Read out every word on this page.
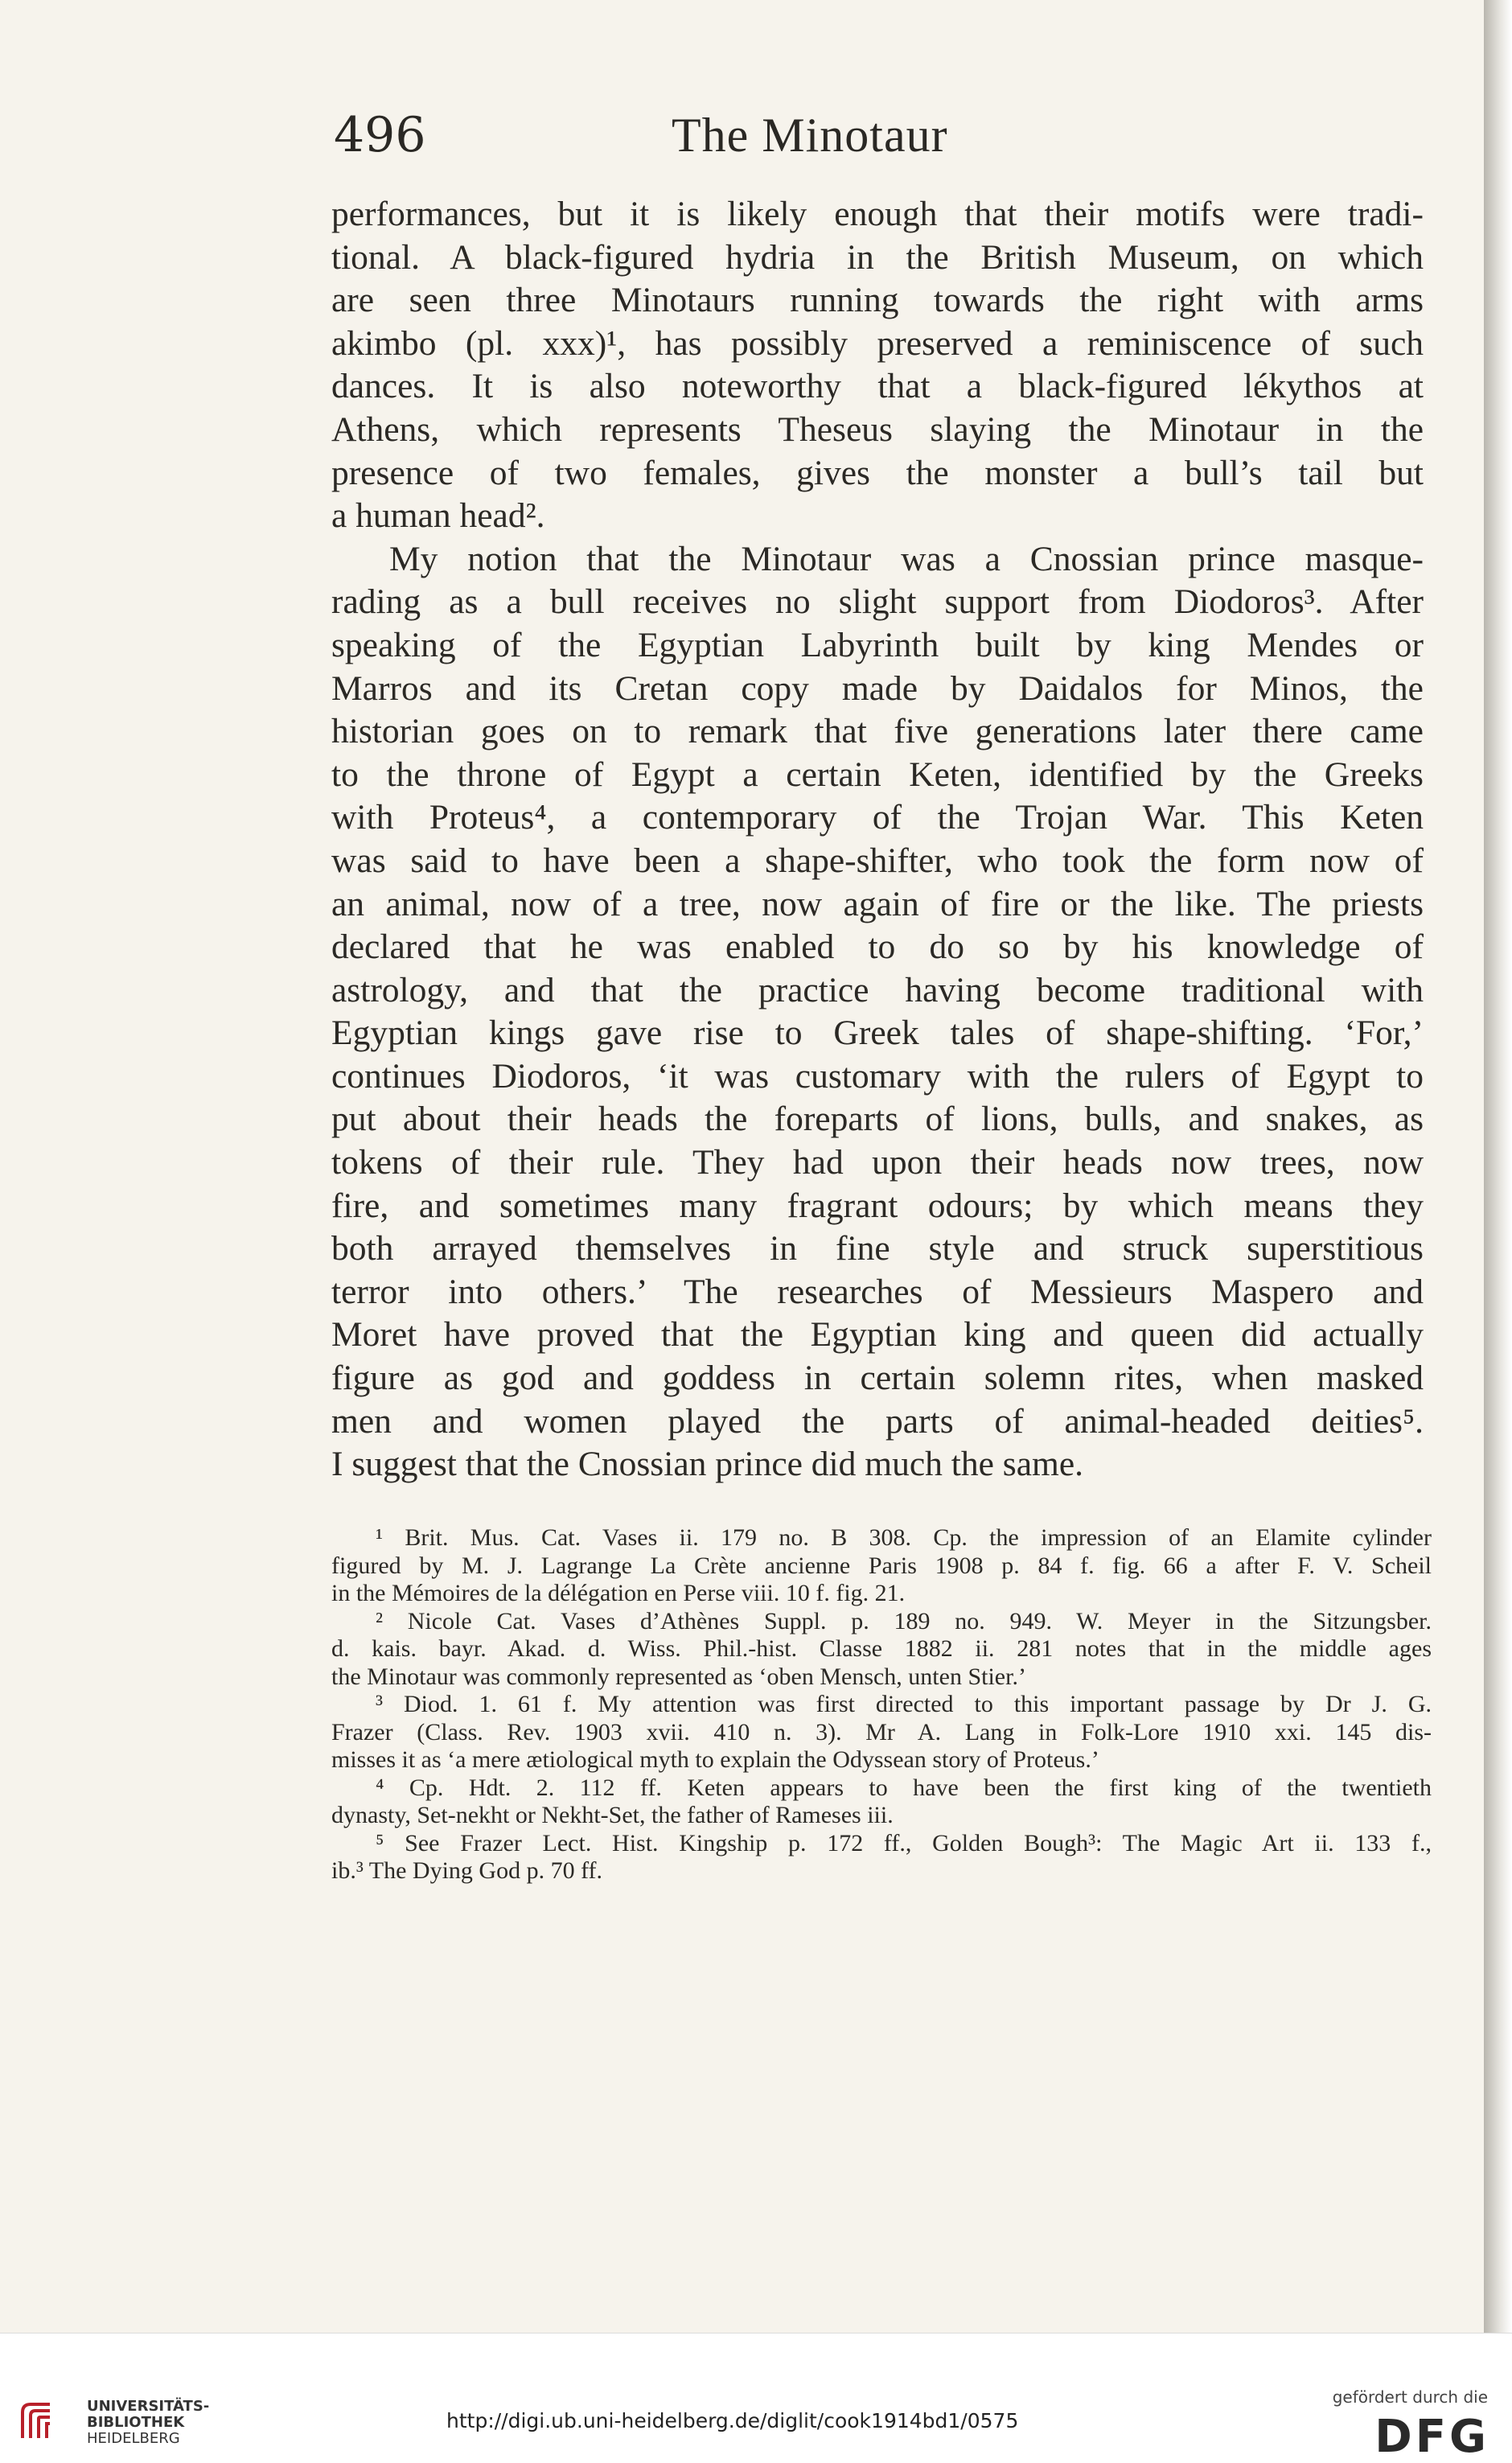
496	The Minotaur
performances, but it is likely enough that their motifs were tradi-
tional. A black-figured hydria in the British Museum, on which
are seen three Minotaurs running towards the right with arms
akimbo (pl. xxx)¹, has possibly preserved a reminiscence of such
dances. It is also noteworthy that a black-figured lékythos at
Athens, which represents Theseus slaying the Minotaur in the
presence of two females, gives the monster a bull’s tail but
a human head².
My notion that the Minotaur was a Cnossian prince masque-
rading as a bull receives no slight support from Diodoros³. After
speaking of the Egyptian Labyrinth built by king Mendes or
Marros and its Cretan copy made by Daidalos for Minos, the
historian goes on to remark that five generations later there came
to the throne of Egypt a certain Keten, identified by the Greeks
with Proteus⁴, a contemporary of the Trojan War. This Keten
was said to have been a shape-shifter, who took the form now of
an animal, now of a tree, now again of fire or the like. The priests
declared that he was enabled to do so by his knowledge of
astrology, and that the practice having become traditional with
Egyptian kings gave rise to Greek tales of shape-shifting. ‘For,’
continues Diodoros, ‘it was customary with the rulers of Egypt to
put about their heads the foreparts of lions, bulls, and snakes, as
tokens of their rule. They had upon their heads now trees, now
fire, and sometimes many fragrant odours; by which means they
both arrayed themselves in fine style and struck superstitious
terror into others.’ The researches of Messieurs Maspero and
Moret have proved that the Egyptian king and queen did actually
figure as god and goddess in certain solemn rites, when masked
men and women played the parts of animal-headed deities⁵.
I suggest that the Cnossian prince did much the same.
¹ Brit. Mus. Cat. Vases ii. 179 no. B 308. Cp. the impression of an Elamite cylinder
figured by M. J. Lagrange La Crète ancienne Paris 1908 p. 84 f. fig. 66 a after F. V. Scheil
in the Mémoires de la délégation en Perse viii. 10 f. fig. 21.
² Nicole Cat. Vases d’Athènes Suppl. p. 189 no. 949. W. Meyer in the Sitzungsber.
d. kais. bayr. Akad. d. Wiss. Phil.-hist. Classe 1882 ii. 281 notes that in the middle ages
the Minotaur was commonly represented as ‘oben Mensch, unten Stier.’
³ Diod. 1. 61 f. My attention was first directed to this important passage by Dr J. G.
Frazer (Class. Rev. 1903 xvii. 410 n. 3). Mr A. Lang in Folk-Lore 1910 xxi. 145 dis-
misses it as ‘a mere ætiological myth to explain the Odyssean story of Proteus.’
⁴ Cp. Hdt. 2. 112 ff. Keten appears to have been the first king of the twentieth
dynasty, Set-nekht or Nekht-Set, the father of Rameses iii.
⁵ See Frazer Lect. Hist. Kingship p. 172 ff., Golden Bough³: The Magic Art ii. 133 f.,
ib.³ The Dying God p. 70 ff.
UNIVERSITÄTS-
BIBLIOTHEK
HEIDELBERG
http://digi.ub.uni-heidelberg.de/diglit/cook1914bd1/0575
gefördert durch die
DFG
